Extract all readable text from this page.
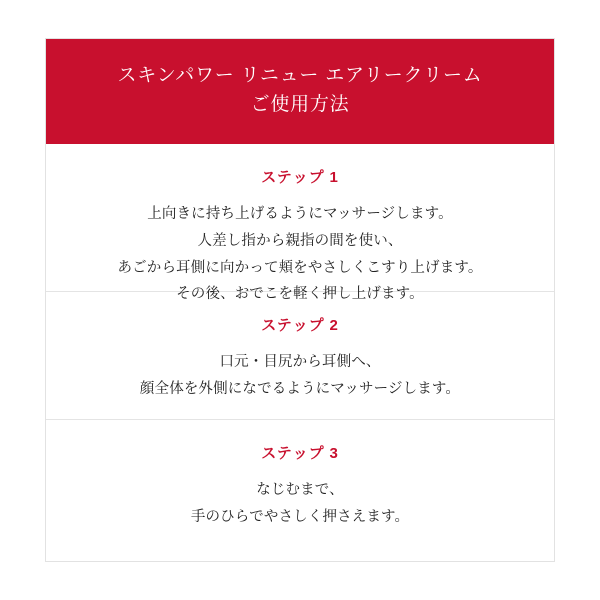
スキンパワー リニュー エアリークリーム
ご使用方法
ステップ 1
上向きに持ち上げるようにマッサージします。
人差し指から親指の間を使い、
あごから耳側に向かって頬をやさしくこすり上げます。
その後、おでこを軽く押し上げます。
ステップ 2
口元・目尻から耳側へ、
顔全体を外側になでるようにマッサージします。
ステップ 3
なじむまで、
手のひらでやさしく押さえます。
